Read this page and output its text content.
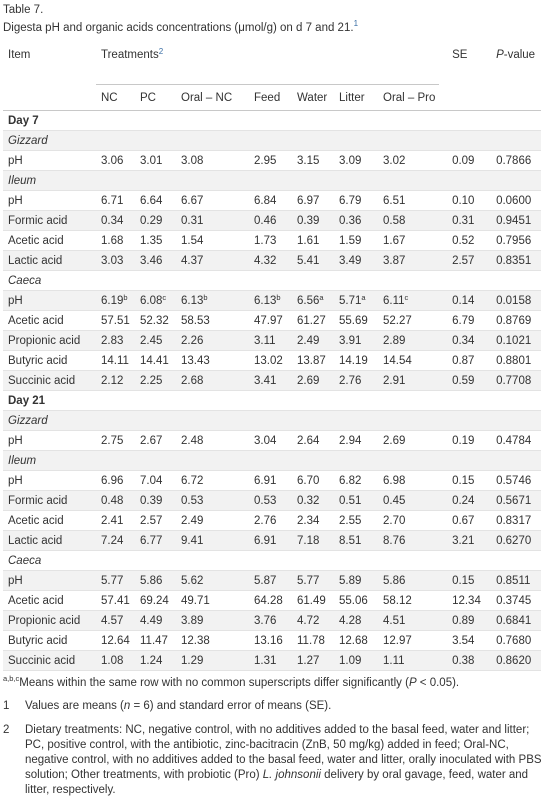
Table 7.
Digesta pH and organic acids concentrations (μmol/g) on d 7 and 21.$^1$
Item	Treatments$^2$									SE	P-value
	NC	PC	Oral – NC		Feed	Water	Litter	Oral – Pro			
Day 7											
Gizzard											
pH	3.06	3.01	3.08		2.95	3.15	3.09	3.02		0.09	0.7866
Ileum											
pH	6.71	6.64	6.67		6.84	6.97	6.79	6.51		0.10	0.0600
Formic acid	0.34	0.29	0.31		0.46	0.39	0.36	0.58		0.31	0.9451
Acetic acid	1.68	1.35	1.54		1.73	1.61	1.59	1.67		0.52	0.7956
Lactic acid	3.03	3.46	4.37		4.32	5.41	3.49	3.87		2.57	0.8351
Caeca											
pH	6.19$^b$	6.08$^c$	6.13$^b$		6.13$^b$	6.56$^a$	5.71$^a$	6.11$^c$		0.14	0.0158
Acetic acid	57.51	52.32	58.53		47.97	61.27	55.69	52.27		6.79	0.8769
Propionic acid	2.83	2.45	2.26		3.11	2.49	3.91	2.89		0.34	0.1021
Butyric acid	14.11	14.41	13.43		13.02	13.87	14.19	14.54		0.87	0.8801
Succinic acid	2.12	2.25	2.68		3.41	2.69	2.76	2.91		0.59	0.7708
Day 21											
Gizzard											
pH	2.75	2.67	2.48		3.04	2.64	2.94	2.69		0.19	0.4784
Ileum											
pH	6.96	7.04	6.72		6.91	6.70	6.82	6.98		0.15	0.5746
Formic acid	0.48	0.39	0.53		0.53	0.32	0.51	0.45		0.24	0.5671
Acetic acid	2.41	2.57	2.49		2.76	2.34	2.55	2.70		0.67	0.8317
Lactic acid	7.24	6.77	9.41		6.91	7.18	8.51	8.76		3.21	0.6270
Caeca											
pH	5.77	5.86	5.62		5.87	5.77	5.89	5.86		0.15	0.8511
Acetic acid	57.41	69.24	49.71		64.28	61.49	55.06	58.12		12.34	0.3745
Propionic acid	4.57	4.49	3.89		3.76	4.72	4.28	4.51		0.89	0.6841
Butyric acid	12.64	11.47	12.38		13.16	11.78	12.68	12.97		3.54	0.7680
Succinic acid	1.08	1.24	1.29		1.31	1.27	1.09	1.11		0.38	0.8620
$^{a,b,c}$Means within the same row with no common superscripts differ significantly (P < 0.05).
1	Values are means (n = 6) and standard error of means (SE).
2	Dietary treatments: NC, negative control, with no additives added to the basal feed, water and litter; PC, positive control, with the antibiotic, zinc-bacitracin (ZnB, 50 mg/kg) added in feed; Oral-NC, negative control, with no additives added to the basal feed, water and litter, orally inoculated with PBS solution; Other treatments, with probiotic (Pro) L. johnsonii delivery by oral gavage, feed, water and litter, respectively.
